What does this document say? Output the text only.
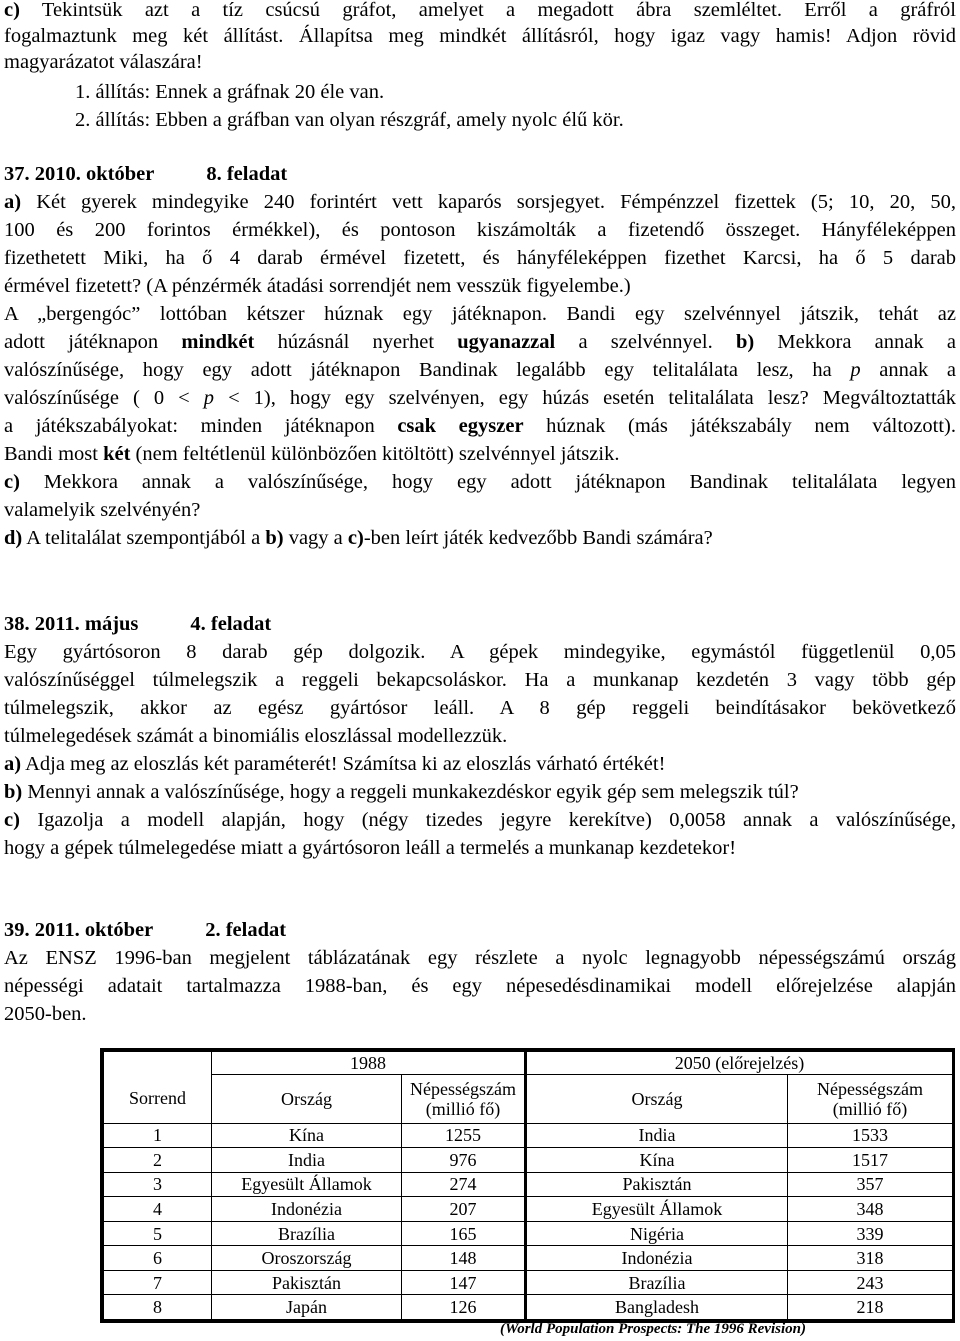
c) Tekintsük azt a tíz csúcsú gráfot, amelyet a megadott ábra szemléltet. Erről a gráfról
fogalmaztunk meg két állítást. Állapítsa meg mindkét állításról, hogy igaz vagy hamis! Adjon rövid
magyarázatot válaszára!
1. állítás: Ennek a gráfnak 20 éle van.
2. állítás: Ebben a gráfban van olyan részgráf, amely nyolc élű kör.
37. 2010. október	8. feladat
a) Két gyerek mindegyike 240 forintért vett kaparós sorsjegyet. Fémpénzzel fizettek (5; 10, 20, 50,
100 és 200 forintos érmékkel), és pontoson kiszámolták a fizetendő összeget. Hányféleképpen
fizethetett Miki, ha ő 4 darab érmével fizetett, és hányféleképpen fizethet Karcsi, ha ő 5 darab
érmével fizetett? (A pénzérmék átadási sorrendjét nem vesszük figyelembe.)
A „bergengóc” lottóban kétszer húznak egy játéknapon. Bandi egy szelvénnyel játszik, tehát az
adott játéknapon mindkét húzásnál nyerhet ugyanazzal a szelvénnyel. b) Mekkora annak a
valószínűsége, hogy egy adott játéknapon Bandinak legalább egy telitalálata lesz, ha p annak a
valószínűsége ( 0 < p < 1), hogy egy szelvényen, egy húzás esetén telitalálata lesz? Megváltoztatták
a játékszabályokat: minden játéknapon csak egyszer húznak (más játékszabály nem változott).
Bandi most két (nem feltétlenül különbözően kitöltött) szelvénnyel játszik.
c) Mekkora annak a valószínűsége, hogy egy adott játéknapon Bandinak telitalálata legyen
valamelyik szelvényén?
d) A telitalálat szempontjából a b) vagy a c)-ben leírt játék kedvezőbb Bandi számára?
38. 2011. május	4. feladat
Egy gyártósoron 8 darab gép dolgozik. A gépek mindegyike, egymástól függetlenül 0,05
valószínűséggel túlmelegszik a reggeli bekapcsoláskor. Ha a munkanap kezdetén 3 vagy több gép
túlmelegszik, akkor az egész gyártósor leáll. A 8 gép reggeli beindításakor bekövetkező
túlmelegedések számát a binomiális eloszlással modellezzük.
a) Adja meg az eloszlás két paraméterét! Számítsa ki az eloszlás várható értékét!
b) Mennyi annak a valószínűsége, hogy a reggeli munkakezdéskor egyik gép sem melegszik túl?
c) Igazolja a modell alapján, hogy (négy tizedes jegyre kerekítve) 0,0058 annak a valószínűsége,
hogy a gépek túlmelegedése miatt a gyártósoron leáll a termelés a munkanap kezdetekor!
39. 2011. október	2. feladat
Az ENSZ 1996-ban megjelent táblázatának egy részlete a nyolc legnagyobb népességszámú ország
népességi adatait tartalmazza 1988-ban, és egy népesedésdinamikai modell előrejelzése alapján
2050-ben.
	1988		2050 (előrejelzés)	
Sorrend	Ország	Népességszám
(millió fő)	Ország	Népességszám
(millió fő)
1	Kína	1255	India	1533
2	India	976	Kína	1517
3	Egyesült Államok	274	Pakisztán	357
4	Indonézia	207	Egyesült Államok	348
5	Brazília	165	Nigéria	339
6	Oroszország	148	Indonézia	318
7	Pakisztán	147	Brazília	243
8	Japán	126	Bangladesh	218
(World Population Prospects: The 1996 Revision)
